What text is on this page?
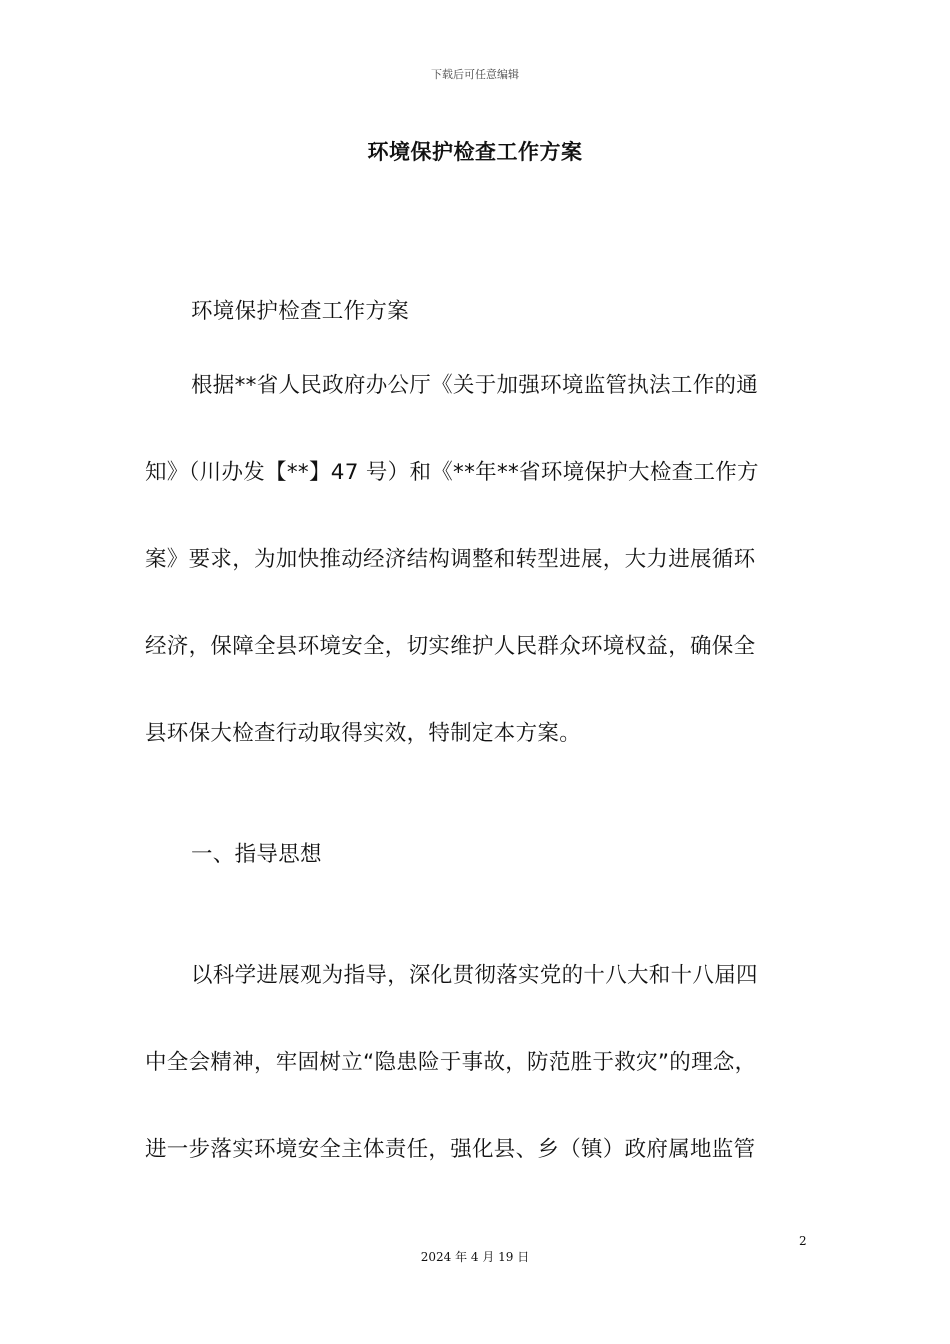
下载后可任意编辑
环境保护检查工作方案
环境保护检查工作方案
根据**省人民政府办公厅《关于加强环境监管执法工作的通
知》（川办发【**】47 号）和《**年**省环境保护大检查工作方
案》要求，为加快推动经济结构调整和转型进展，大力进展循环
经济，保障全县环境安全，切实维护人民群众环境权益，确保全
县环保大检查行动取得实效，特制定本方案。
一、指导思想
以科学进展观为指导，深化贯彻落实党的十八大和十八届四
中全会精神，牢固树立“隐患险于事故，防范胜于救灾”的理念，
进一步落实环境安全主体责任，强化县、乡（镇）政府属地监管
2
2024 年 4 月 19 日
